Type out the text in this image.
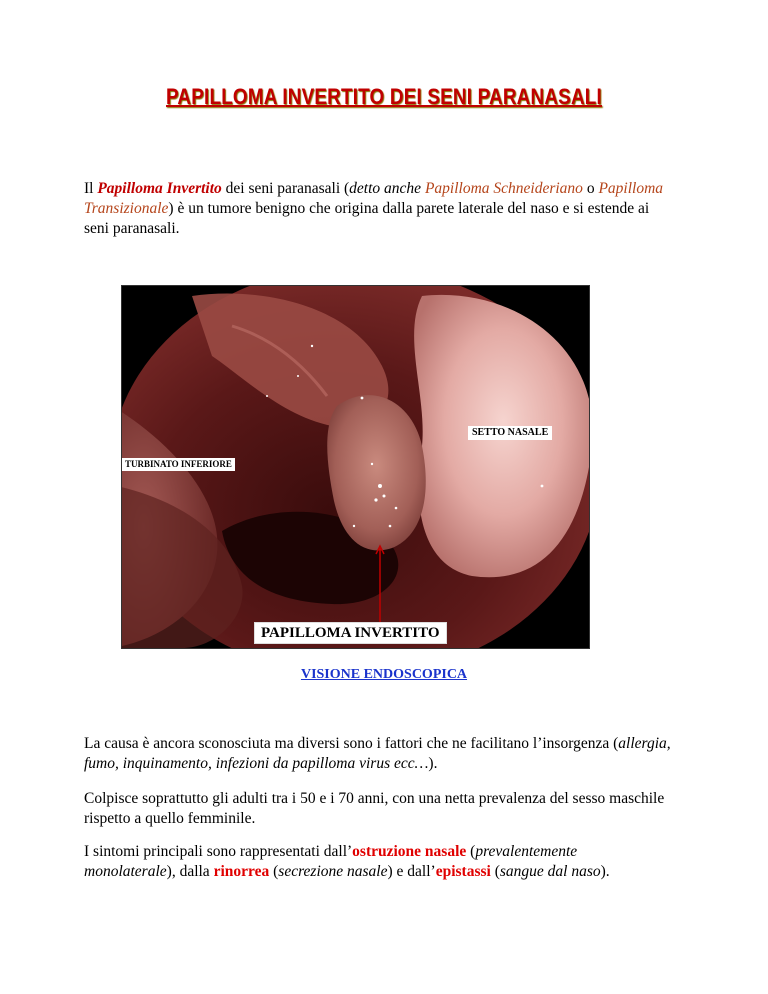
PAPILLOMA INVERTITO DEI SENI PARANASALI

Il Papilloma Invertito dei seni paranasali (detto anche Papilloma Schneideriano o Papilloma Transizionale) è un tumore benigno che origina dalla parete laterale del naso e si estende ai seni paranasali.

SETTO NASALE
TURBINATO INFERIORE
PAPILLOMA INVERTITO
VISIONE ENDOSCOPICA

La causa è ancora sconosciuta ma diversi sono i fattori che ne facilitano l’insorgenza (allergia, fumo, inquinamento, infezioni da papilloma virus ecc…).

Colpisce soprattutto gli adulti tra i 50 e i 70 anni, con una netta prevalenza del sesso maschile rispetto a quello femminile.

I sintomi principali sono rappresentati dall’ostruzione nasale (prevalentemente monolaterale), dalla rinorrea (secrezione nasale) e dall’epistassi (sangue dal naso).
